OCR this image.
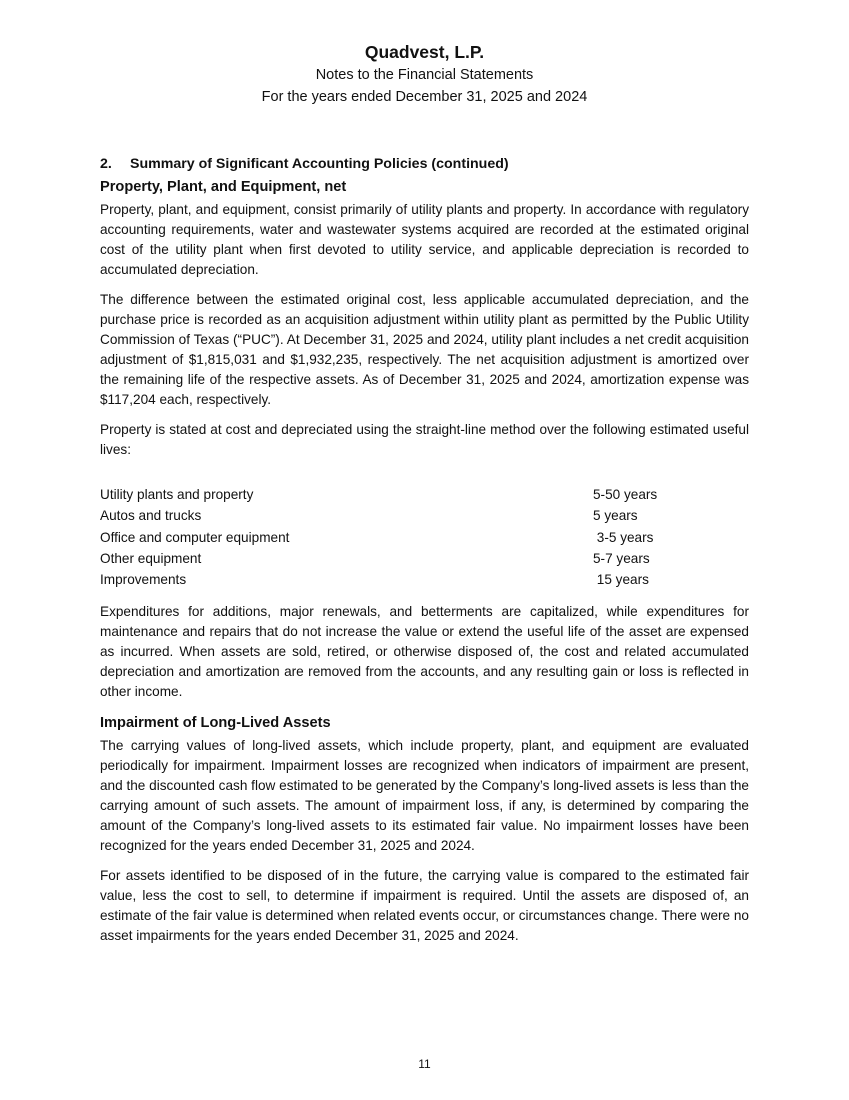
Quadvest, L.P.
Notes to the Financial Statements
For the years ended December 31, 2025 and 2024
2. Summary of Significant Accounting Policies (continued)
Property, Plant, and Equipment, net

Property, plant, and equipment, consist primarily of utility plants and property. In accordance with regulatory accounting requirements, water and wastewater systems acquired are recorded at the estimated original cost of the utility plant when first devoted to utility service, and applicable depreciation is recorded to accumulated depreciation.

The difference between the estimated original cost, less applicable accumulated depreciation, and the purchase price is recorded as an acquisition adjustment within utility plant as permitted by the Public Utility Commission of Texas (“PUC”). At December 31, 2025 and 2024, utility plant includes a net credit acquisition adjustment of $1,815,031 and $1,932,235, respectively. The net acquisition adjustment is amortized over the remaining life of the respective assets. As of December 31, 2025 and 2024, amortization expense was $117,204 each, respectively.

Property is stated at cost and depreciated using the straight-line method over the following estimated useful lives:

Utility plants and property	5-50 years
Autos and trucks	5 years
Office and computer equipment	3-5 years
Other equipment	5-7 years
Improvements	15 years

Expenditures for additions, major renewals, and betterments are capitalized, while expenditures for maintenance and repairs that do not increase the value or extend the useful life of the asset are expensed as incurred. When assets are sold, retired, or otherwise disposed of, the cost and related accumulated depreciation and amortization are removed from the accounts, and any resulting gain or loss is reflected in other income.

Impairment of Long-Lived Assets

The carrying values of long-lived assets, which include property, plant, and equipment are evaluated periodically for impairment. Impairment losses are recognized when indicators of impairment are present, and the discounted cash flow estimated to be generated by the Company’s long-lived assets is less than the carrying amount of such assets. The amount of impairment loss, if any, is determined by comparing the amount of the Company’s long-lived assets to its estimated fair value. No impairment losses have been recognized for the years ended December 31, 2025 and 2024.

For assets identified to be disposed of in the future, the carrying value is compared to the estimated fair value, less the cost to sell, to determine if impairment is required. Until the assets are disposed of, an estimate of the fair value is determined when related events occur, or circumstances change. There were no asset impairments for the years ended December 31, 2025 and 2024.

11
